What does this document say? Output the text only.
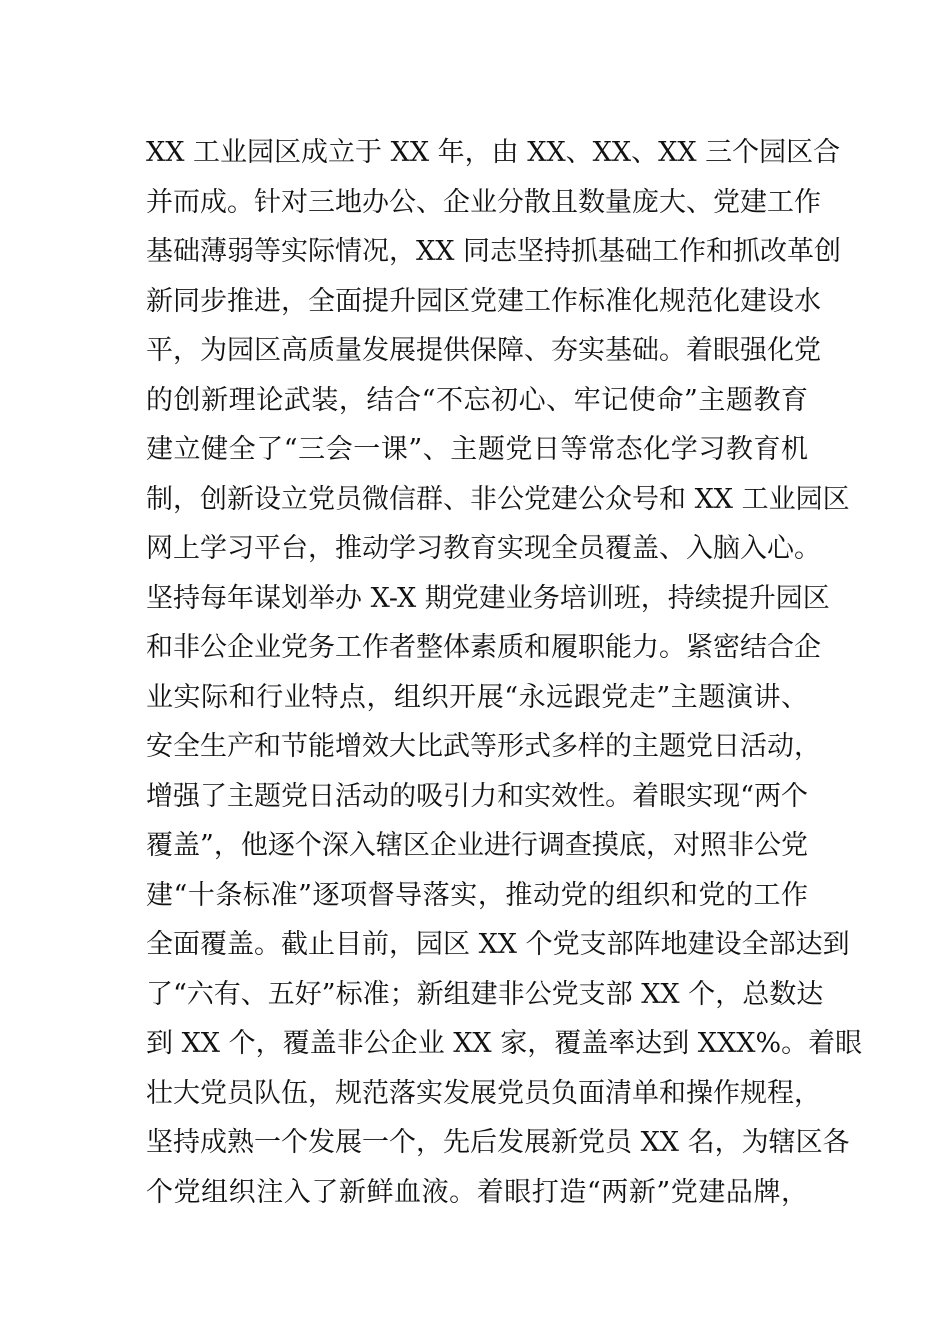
XX 工业园区成立于 XX 年，由 XX、XX、XX 三个园区合
并而成。针对三地办公、企业分散且数量庞大、党建工作
基础薄弱等实际情况，XX 同志坚持抓基础工作和抓改革创
新同步推进，全面提升园区党建工作标准化规范化建设水
平，为园区高质量发展提供保障、夯实基础。着眼强化党
的创新理论武装，结合“不忘初心、牢记使命”主题教育
建立健全了“三会一课”、主题党日等常态化学习教育机
制，创新设立党员微信群、非公党建公众号和 XX 工业园区
网上学习平台，推动学习教育实现全员覆盖、入脑入心。
坚持每年谋划举办 X-X 期党建业务培训班，持续提升园区
和非公企业党务工作者整体素质和履职能力。紧密结合企
业实际和行业特点，组织开展“永远跟党走”主题演讲、
安全生产和节能增效大比武等形式多样的主题党日活动，
增强了主题党日活动的吸引力和实效性。着眼实现“两个
覆盖”，他逐个深入辖区企业进行调查摸底，对照非公党
建“十条标准”逐项督导落实，推动党的组织和党的工作
全面覆盖。截止目前，园区 XX 个党支部阵地建设全部达到
了“六有、五好”标准；新组建非公党支部 XX 个，总数达
到 XX 个，覆盖非公企业 XX 家，覆盖率达到 XXX%。着眼
壮大党员队伍，规范落实发展党员负面清单和操作规程，
坚持成熟一个发展一个，先后发展新党员 XX 名，为辖区各
个党组织注入了新鲜血液。着眼打造“两新”党建品牌，
